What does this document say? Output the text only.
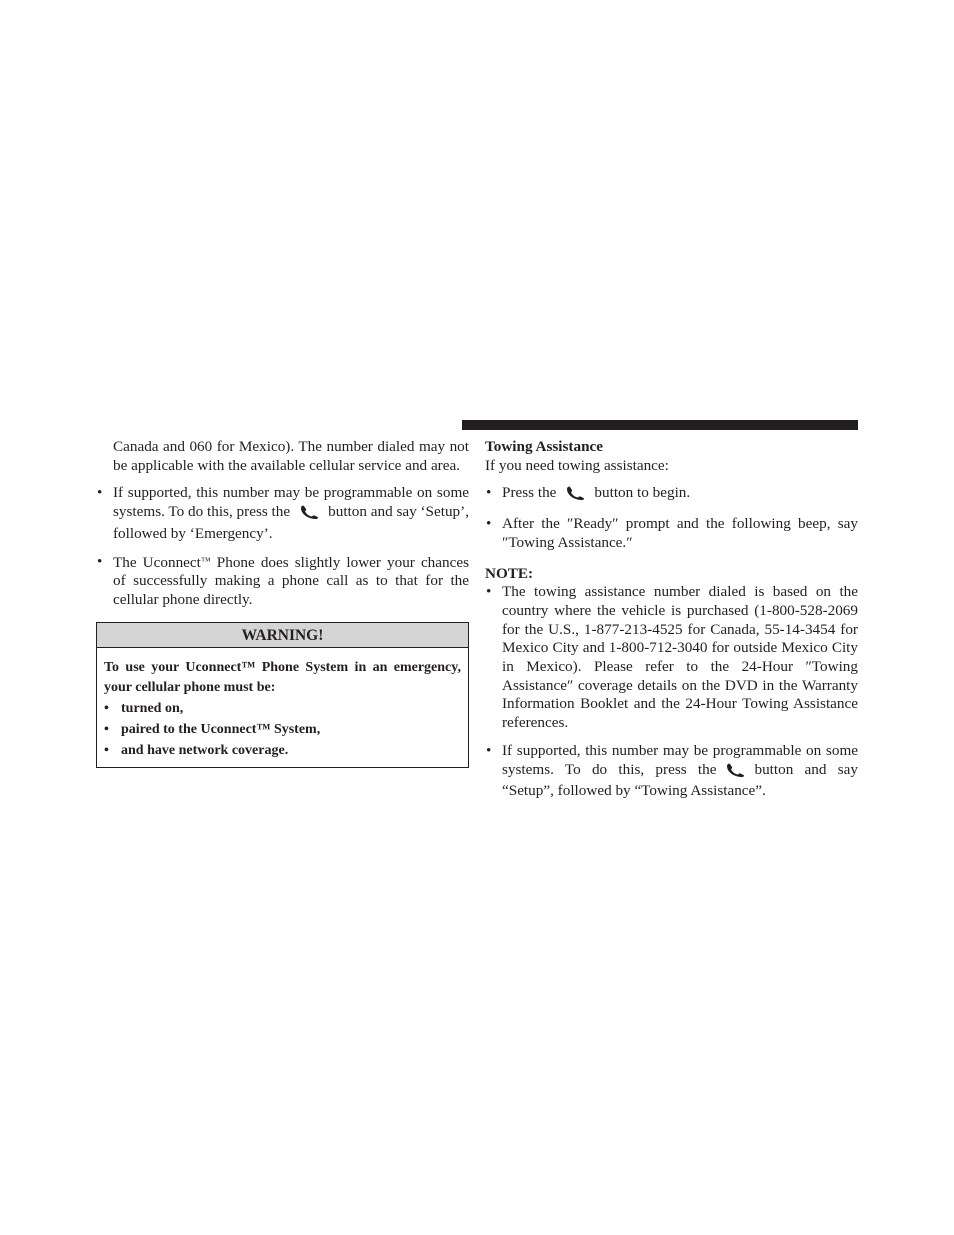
Canada and 060 for Mexico). The number dialed may not be applicable with the available cellular service and area.

• If supported, this number may be programmable on some systems. To do this, press the	button and say ‘Setup’, followed by ‘Emergency’.

• The Uconnect™ Phone does slightly lower your chances of successfully making a phone call as to that for the cellular phone directly.

WARNING!

To use your Uconnect™ Phone System in an emergency, your cellular phone must be:

• turned on,
• paired to the Uconnect™ System,
• and have network coverage.

Towing Assistance

If you need towing assistance:

• Press the	button to begin.

• After the ″Ready″ prompt and the following beep, say ″Towing Assistance.″

NOTE:

• The towing assistance number dialed is based on the country where the vehicle is purchased (1-800-528-2069 for the U.S., 1-877-213-4525 for Canada, 55-14-3454 for Mexico City and 1-800-712-3040 for outside Mexico City in Mexico). Please refer to the 24-Hour ″Towing Assistance″ coverage details on the DVD in the Warranty Information Booklet and the 24-Hour Towing Assistance references.

• If supported, this number may be programmable on some systems. To do this, press the	button and say “Setup”, followed by “Towing Assistance”.
